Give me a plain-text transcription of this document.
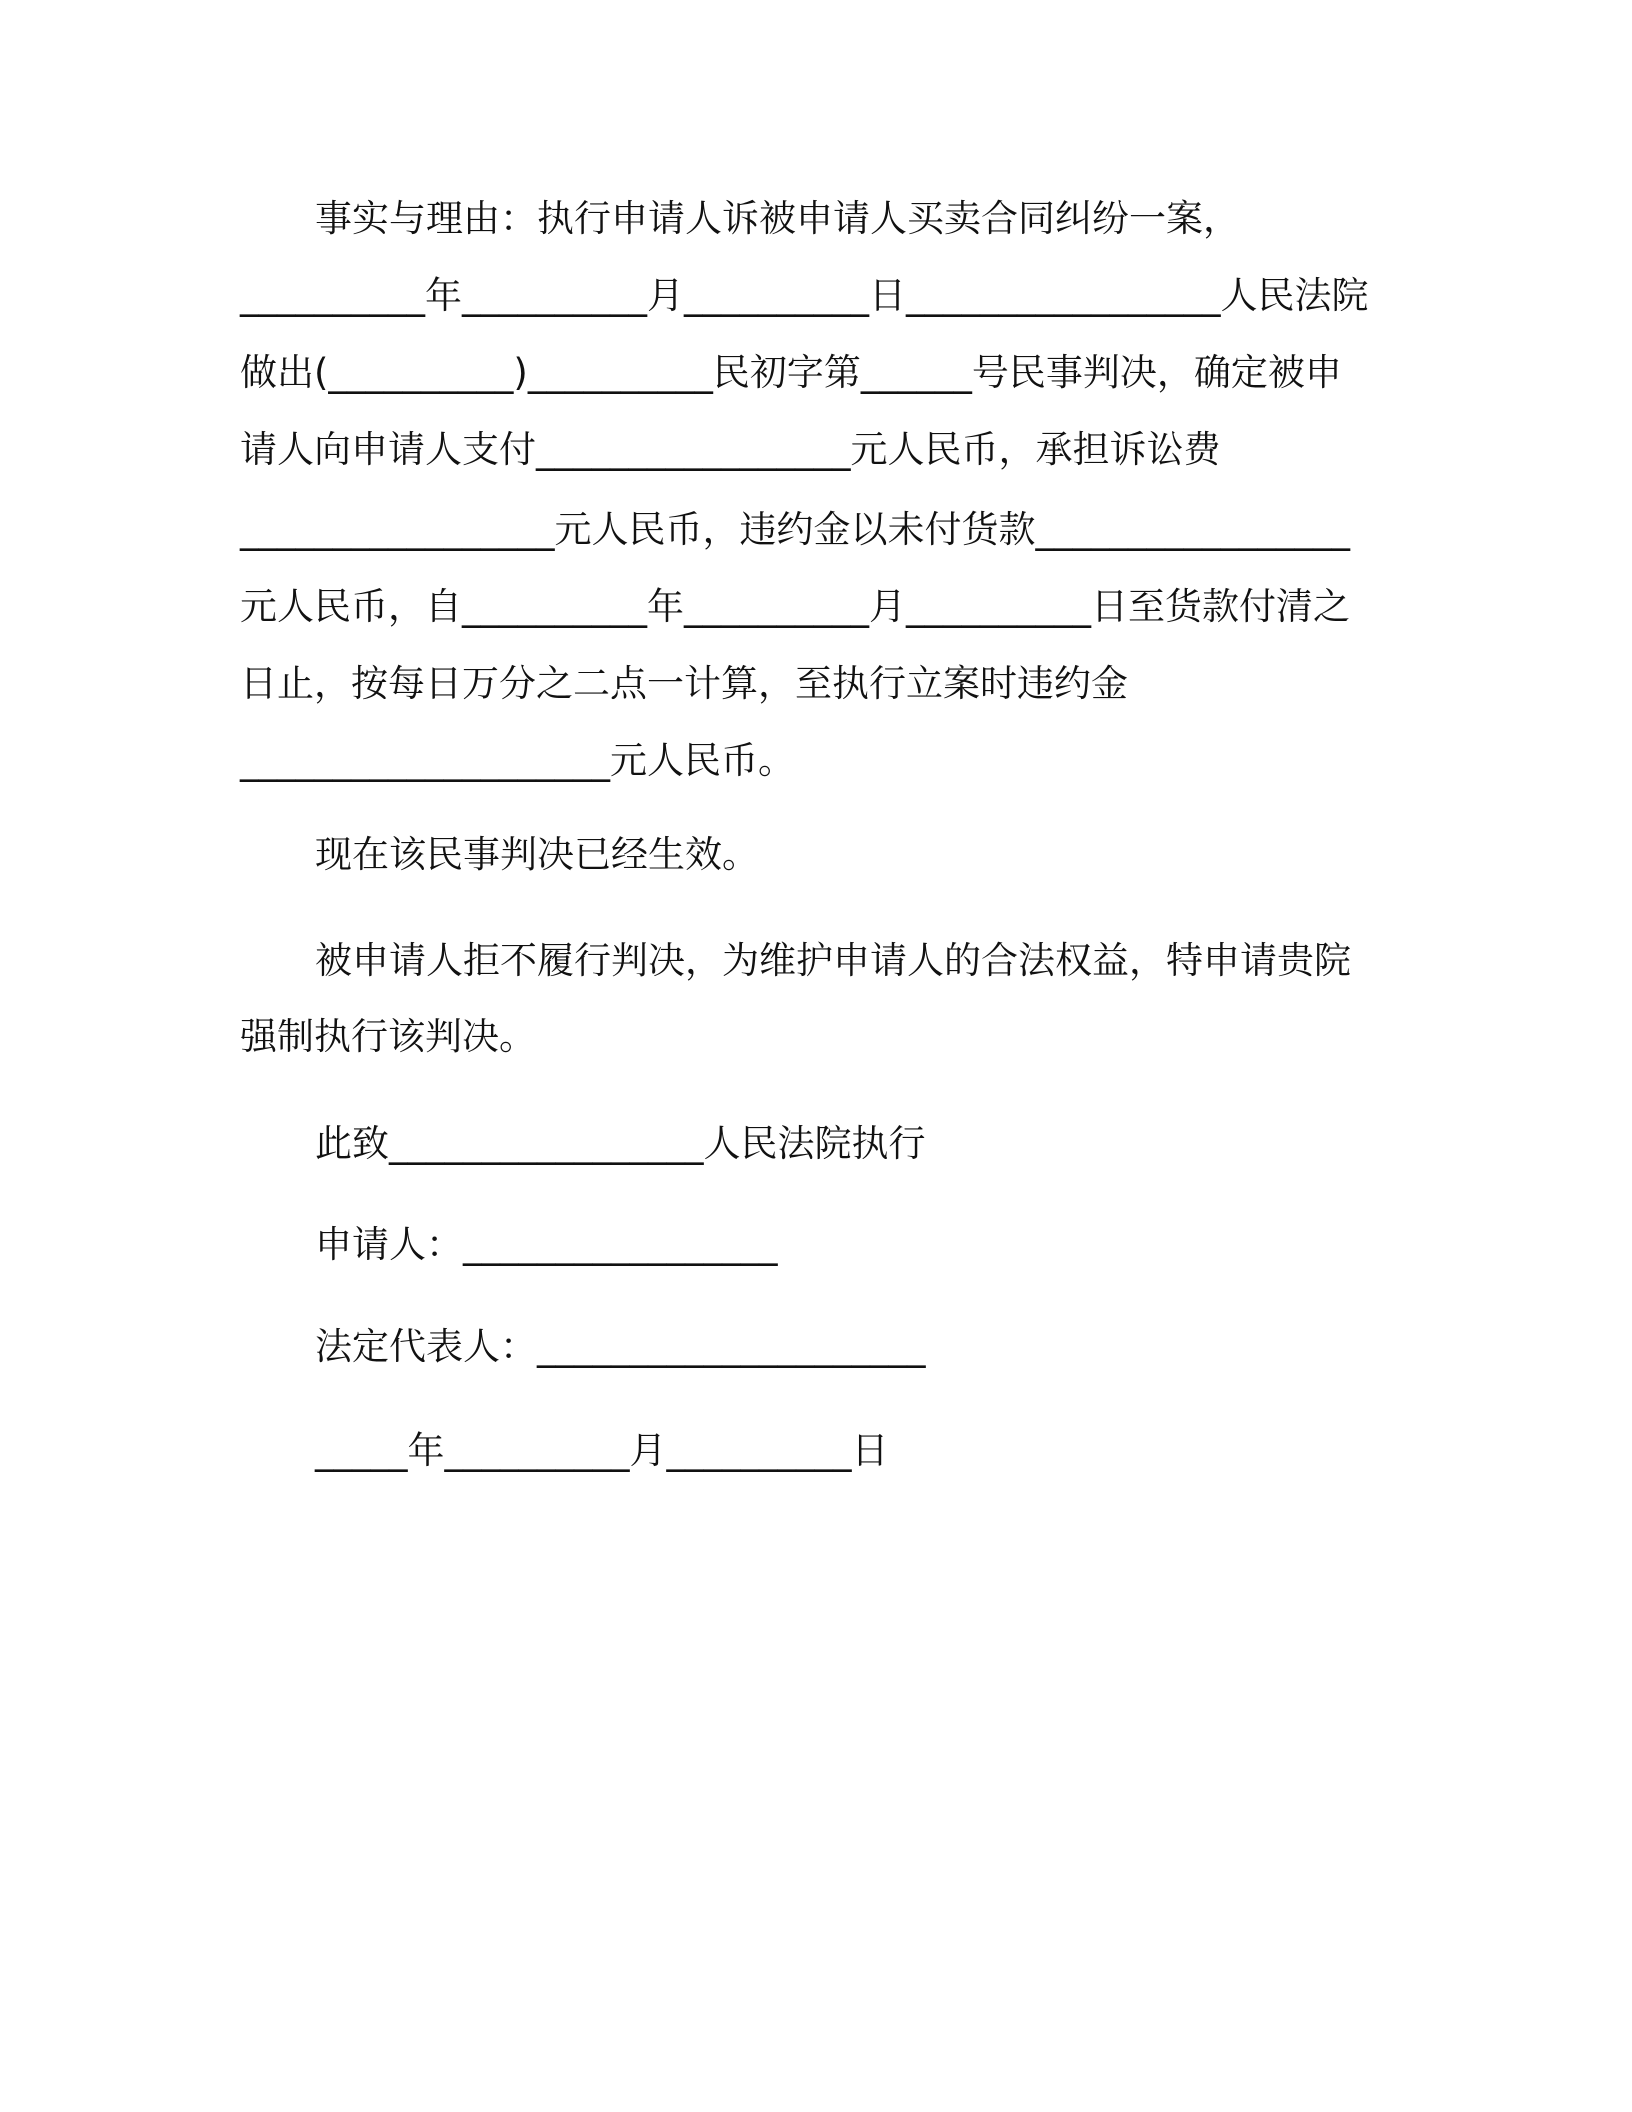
事实与理由：执行申请人诉被申请人买卖合同纠纷一案，
__________年__________月__________日_________________人民法院
做出(__________)__________民初字第______号民事判决，确定被申
请人向申请人支付_________________元人民币，承担诉讼费
_________________元人民币，违约金以未付货款_________________
元人民币，自__________年__________月__________日至货款付清之
日止，按每日万分之二点一计算，至执行立案时违约金
____________________元人民币。
现在该民事判决已经生效。
被申请人拒不履行判决，为维护申请人的合法权益，特申请贵院
强制执行该判决。
此致_________________人民法院执行
申请人：_________________
法定代表人：_____________________
_____年__________月__________日
